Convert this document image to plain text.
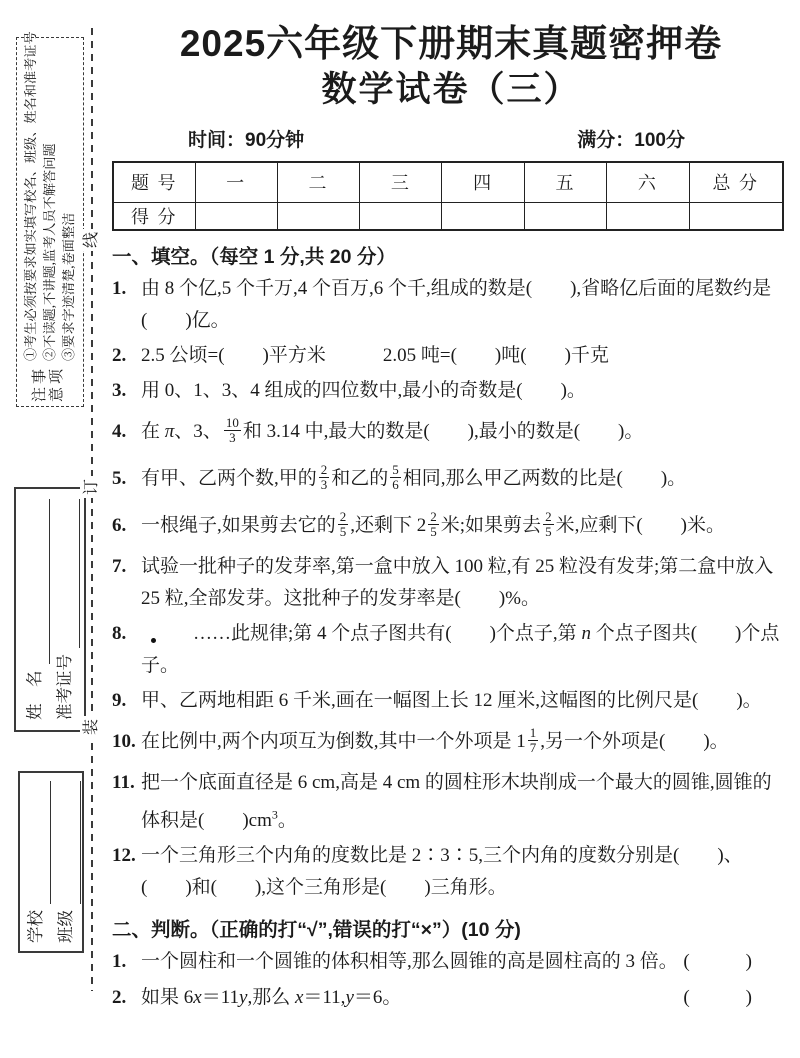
注
事
意
项
①考生必须按要求如实填写校名、班级、姓名和准考证号 ②不读题,不讲题,监考人员不解答问题 ③要求字迹清楚,卷面整洁
姓　名 准考证号
学校 班级
线
订
装
2025六年级下册期末真题密押卷
数学试卷（三）
时间：90分钟	满分：100分
题 号	一	二	三	四	五	六	总 分
得 分							
一、填空。（每空 1 分,共 20 分）
1. 由 8 个亿,5 个千万,4 个百万,6 个千,组成的数是(　　),省略亿后面的尾数约是(　　)亿。
2. 2.5 公顷=(　　)平方米　　　2.05 吨=(　　)吨(　　)千克
3. 用 0、1、3、4 组成的四位数中,最小的奇数是(　　)。
4. 在 π、3、 $\frac{10}{3}$ 和 3.14 中,最大的数是(　　),最小的数是(　　)。
5. 有甲、乙两个数,甲的 $\frac{2}{3}$ 和乙的 $\frac{5}{6}$ 相同,那么甲乙两数的比是(　　)。
6. 一根绳子,如果剪去它的 $\frac{2}{5}$ ,还剩下 $2 \frac{2}{5}$ 米;如果剪去 $\frac{2}{5}$ 米,应剩下(　　)米。
7. 试验一批种子的发芽率,第一盒中放入 100 粒,有 25 粒没有发芽;第二盒中放入 25 粒,全部发芽。这批种子的发芽率是(　　)%。
8.	……此规律;第 4 个点子图共有(　　)个点子,第 n 个点子图共(　　)个点子。
9. 甲、乙两地相距 6 千米,画在一幅图上长 12 厘米,这幅图的比例尺是(　　)。
10. 在比例中,两个内项互为倒数,其中一个外项是 $1 \frac{1}{7}$ ,另一个外项是(　　)。
11. 把一个底面直径是 6 cm,高是 4 cm 的圆柱形木块削成一个最大的圆锥,圆锥的体积是(　　)$cm^3$。
12. 一个三角形三个内角的度数比是 2∶3∶5,三个内角的度数分别是(　　)、(　　)和(　　),这个三角形是(　　)三角形。
二、判断。（正确的打“√”,错误的打“×”）(10 分)
1. 一个圆柱和一个圆锥的体积相等,那么圆锥的高是圆柱高的 3 倍。 (　　)
2. 如果 6x＝11y,那么 x＝11,y＝6。	(　　)
